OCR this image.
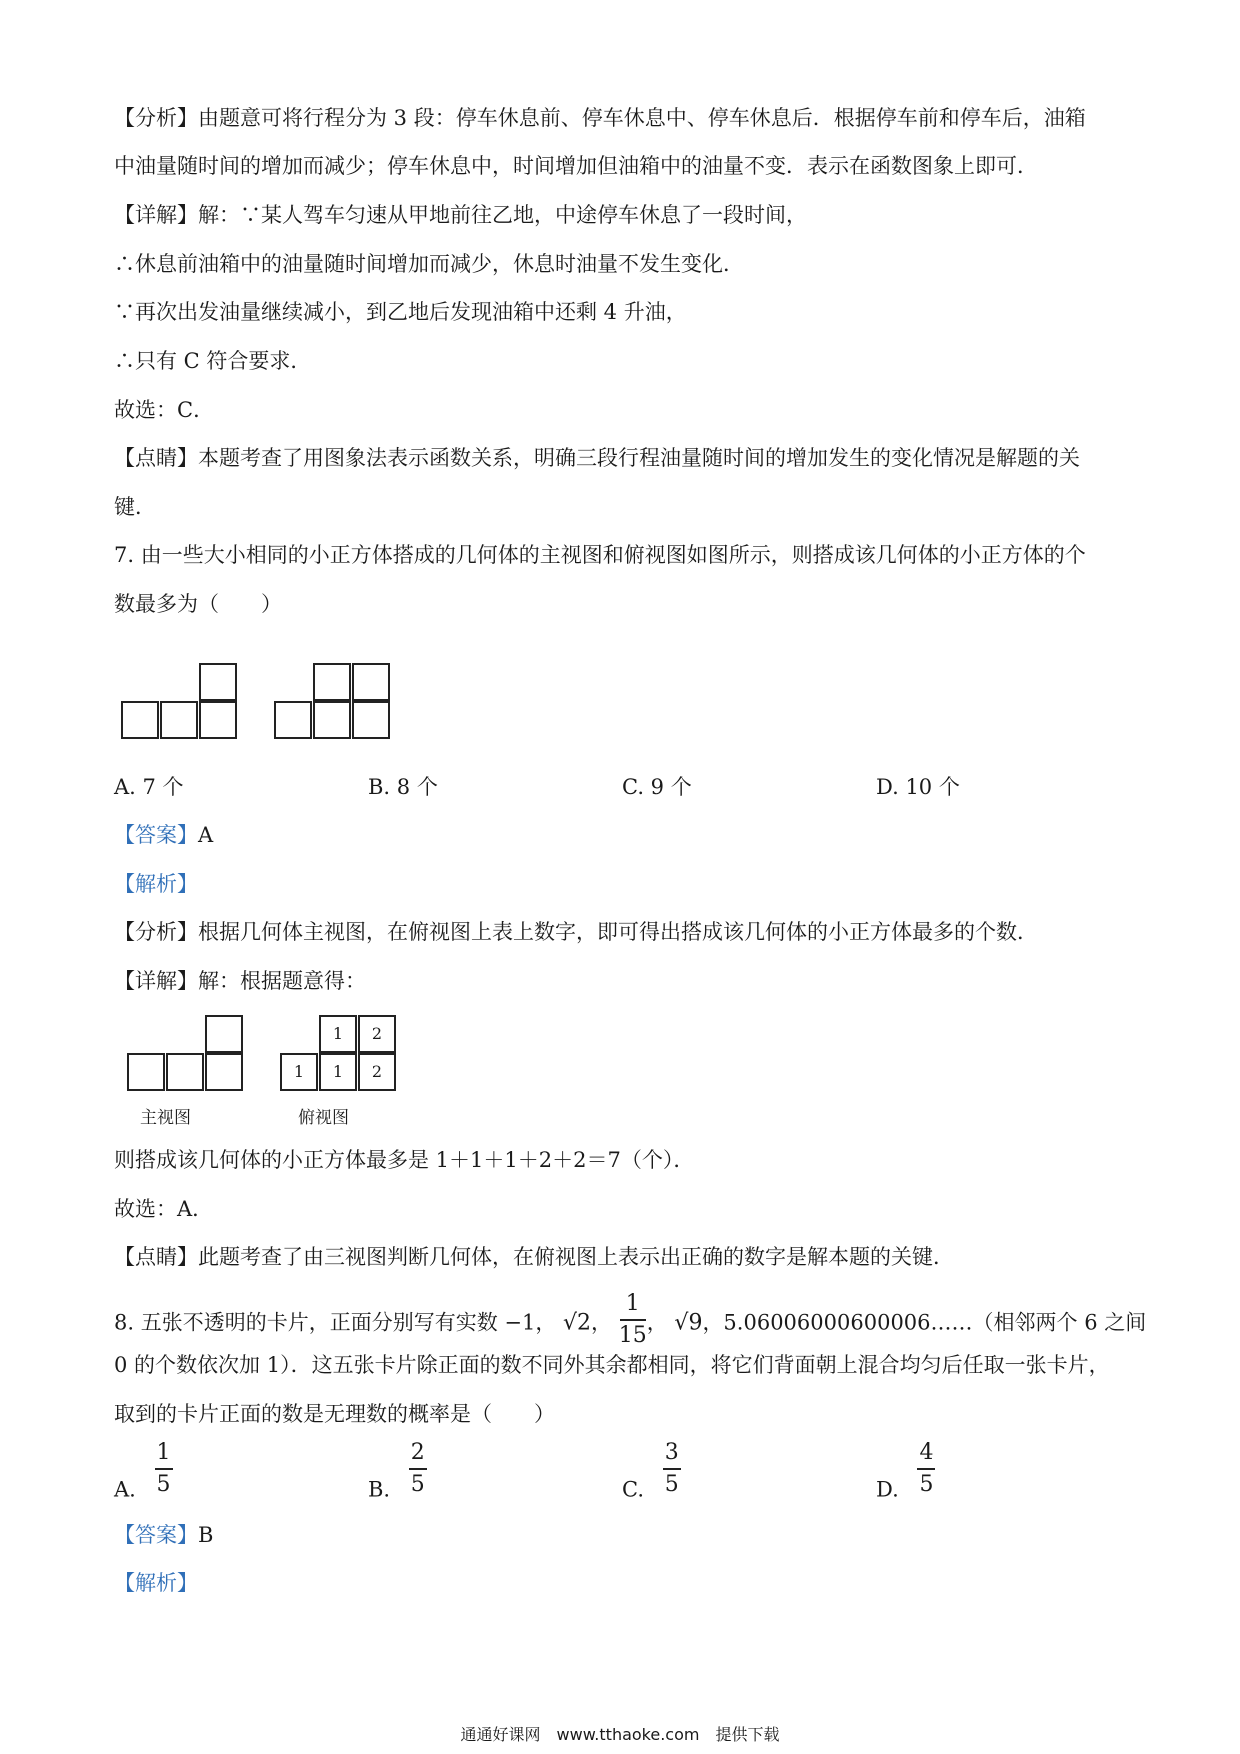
【分析】由题意可将行程分为 3 段：停车休息前、停车休息中、停车休息后．根据停车前和停车后，油箱
中油量随时间的增加而减少；停车休息中，时间增加但油箱中的油量不变．表示在函数图象上即可．
【详解】解：∵某人驾车匀速从甲地前往乙地，中途停车休息了一段时间，
∴休息前油箱中的油量随时间增加而减少，休息时油量不发生变化．
∵再次出发油量继续减小，到乙地后发现油箱中还剩 4 升油，
∴只有 C 符合要求．
故选：C．
【点睛】本题考查了用图象法表示函数关系，明确三段行程油量随时间的增加发生的变化情况是解题的关
键．
7. 由一些大小相同的小正方体搭成的几何体的主视图和俯视图如图所示，则搭成该几何体的小正方体的个
数最多为（　　）
A. 7 个	B. 8 个	C. 9 个	D. 10 个
【答案】A
【解析】
【分析】根据几何体主视图，在俯视图上表上数字，即可得出搭成该几何体的小正方体最多的个数．
【详解】解：根据题意得：
主视图
1	2
1	1	2
俯视图
则搭成该几何体的小正方体最多是 1＋1＋1＋2＋2＝7（个）．
故选：A．
【点睛】此题考查了由三视图判断几何体，在俯视图上表示出正确的数字是解本题的关键．
8. 五张不透明的卡片，正面分别写有实数 −1， √2， $\frac{1}{15}$ ， √9，5.06006000600006……（相邻两个 6 之间
0 的个数依次加 1）．这五张卡片除正面的数不同外其余都相同，将它们背面朝上混合均匀后任取一张卡片，
取到的卡片正面的数是无理数的概率是（　　）
A. $\frac{1}{5}$	B. $\frac{2}{5}$	C. $\frac{3}{5}$	D. $\frac{4}{5}$
【答案】B
【解析】
通通好课网　www.tthaoke.com　提供下载
